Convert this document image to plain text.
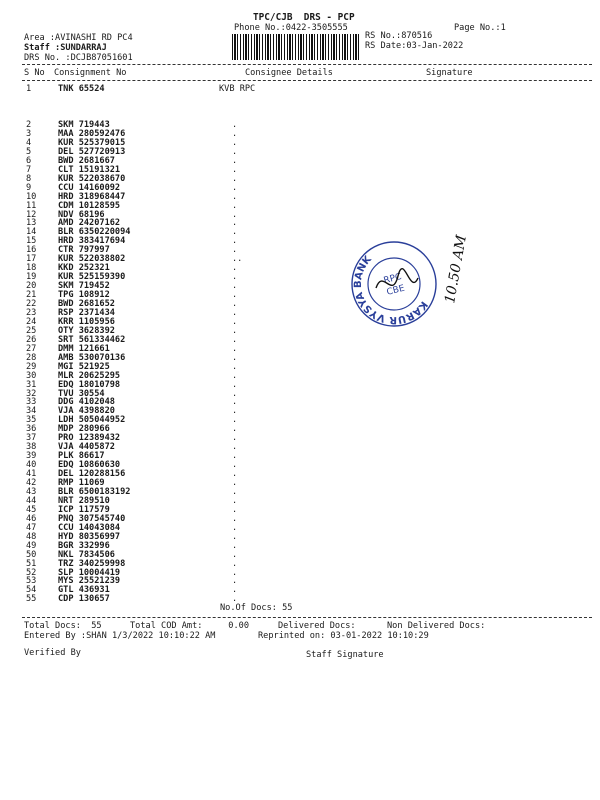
TPC/CJB  DRS - PCP
Phone No.:0422-3505555	Page No.:1
Area :AVINASHI RD PC4
Staff :SUNDARRAJ
DRS No. :DCJB87051601
RS No.:870516
RS Date:03-Jan-2022
S No Consignment No	Consignee Details	Signature
1	TNK 65524	KVB RPC
2	SKM 719443	.
3	MAA 280592476	.
4	KUR 525379015	.
5	DEL 527720913	.
6	BWD 2681667	.
7	CLT 15191321	.
8	KUR 522038670	.
9	CCU 14160092	.
10	HRD 318968447	.
11	CDM 10128595	.
12	NDV 68196	.
13	AMD 24207162	.
14	BLR 6350220094	.
15	HRD 383417694	.
16	CTR 797997	.
17	KUR 522038802	..
18	KKD 252321	.
19	KUR 525159390	.
20	SKM 719452	.
21	TPG 108912	.
22	BWD 2681652	.
23	RSP 2371434	.
24	KRR 1105956	.
25	OTY 3628392	.
26	SRT 561334462	.
27	DMM 121661	.
28	AMB 530070136	.
29	MGI 521925	.
30	MLR 20625295	.
31	EDQ 18010798	.
32	TVU 30554	.
33	DDG 4102048	.
34	VJA 4398820	.
35	LDH 505044952	.
36	MDP 280966	.
37	PRO 12389432	.
38	VJA 4405872	.
39	PLK 86617	.
40	EDQ 10860630	.
41	DEL 120288156	.
42	RMP 11069	.
43	BLR 6500183192	.
44	NRT 289510	.
45	ICP 117579	.
46	PNQ 307545740	.
47	CCU 14043084	.
48	HYD 80356997	.
49	BGR 332996	.
50	NKL 7834506	.
51	TRZ 340259998	.
52	SLP 10004419	.
53	MYS 25521239	.
54	GTL 436931	.
55	CDP 130657	.
No.Of Docs: 55
Total Docs:  55	Total COD Amt:     0.00	Delivered Docs:	Non Delivered Docs:
Entered By :SHAN 1/3/2022 10:10:22 AM	Reprinted on: 03-01-2022 10:10:29
Verified By	Staff Signature
KARUR VYSYA BANK
RPC
CBE	10.50 AM
